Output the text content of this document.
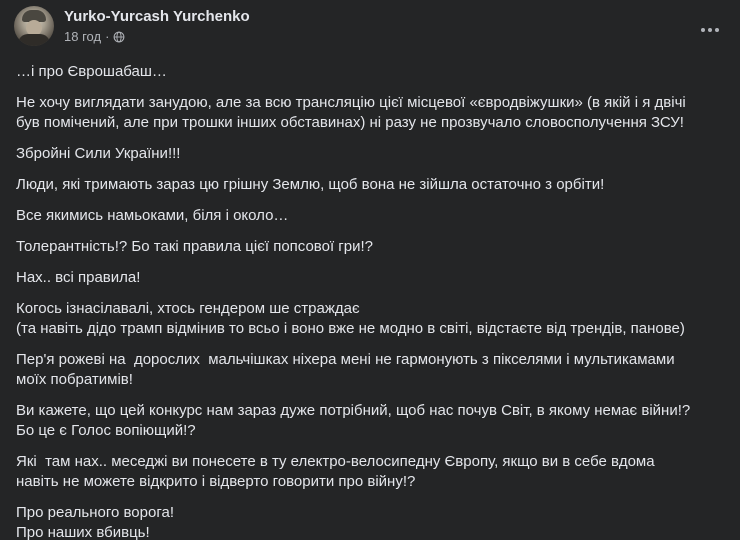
Yurko-Yurcash Yurchenko
18 год ·

…і про Єврошабаш…

Не хочу виглядати занудою, але за всю трансляцію цієї місцевої «євродвіжушки» (в якій і я двічі
був помічений, але при трошки інших обставинах) ні разу не прозвучало словосполучення ЗСУ!

Збройні Сили України!!!

Люди, які тримають зараз цю грішну Землю, щоб вона не зійшла остаточно з орбіти!

Все якимись намьоками, біля і около…

Толерантність!? Бо такі правила цієї попсової гри!?

Нах.. всі правила!

Когось ізнасілавалі, хтось гендером ше страждає
(та навіть дідо трамп відмінив то всьо і воно вже не модно в світі, відстаєте від трендів, панове)

Пер'я рожеві на  дорослих  мальчішках ніхера мені не гармонують з пікселями і мультикамами
моїх побратимів!

Ви кажете, що цей конкурс нам зараз дуже потрібний, щоб нас почув Світ, в якому немає війни!?
Бо це є Голос вопіющий!?

Які  там нах.. меседжі ви понесете в ту електро-велосипедну Європу, якщо ви в себе вдома
навіть не можете відкрито і відверто говорити про війну!?

Про реального ворога!
Про наших вбивць!
